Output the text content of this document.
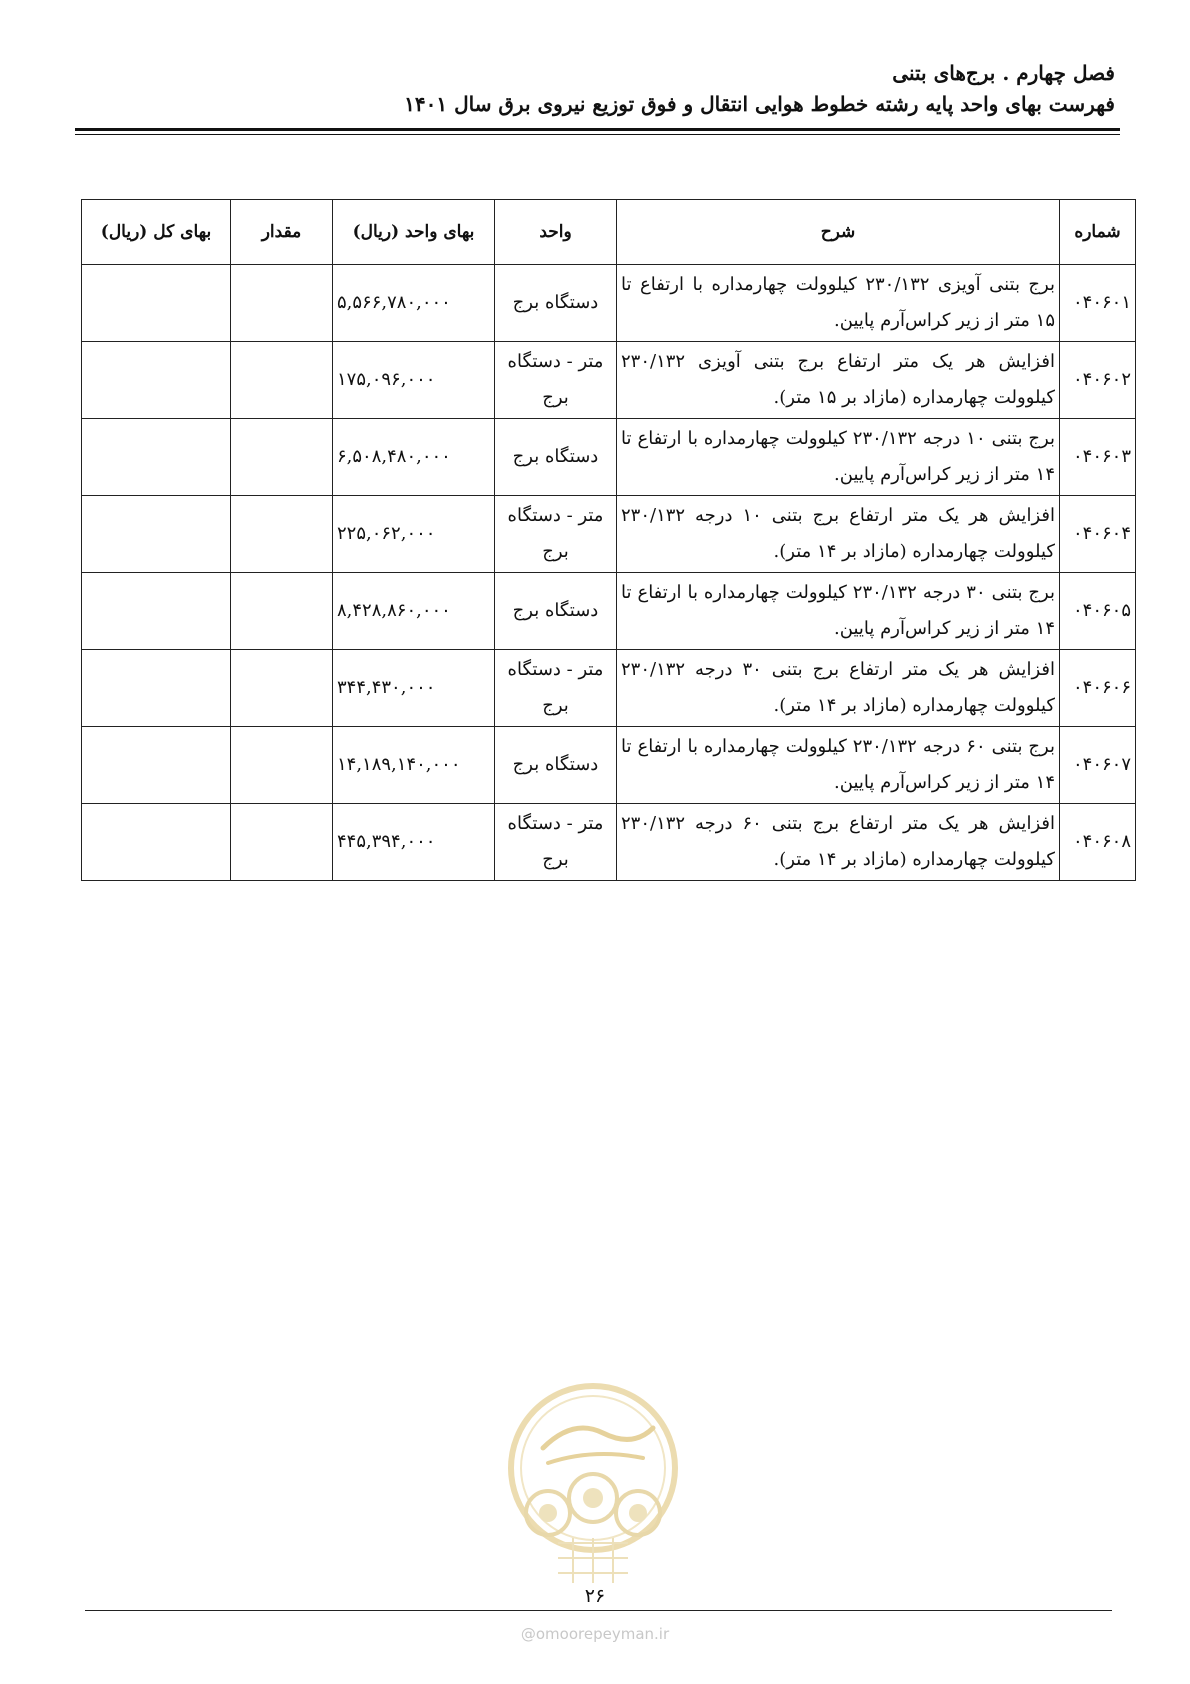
فصل چهارم . برج‌های بتنی
فهرست بهای واحد پایه رشته خطوط هوایی انتقال و فوق توزیع نیروی برق سال ۱۴۰۱
شماره	شرح	واحد	بهای واحد (ریال)	مقدار	بهای کل (ریال)
۰۴۰۶۰۱	برج بتنی آویزی ۲۳۰/۱۳۲ کیلوولت چهارمداره با ارتفاع تا ۱۵ متر از زیر کراس‌آرم پایین.	دستگاه برج	۵,۵۶۶,۷۸۰,۰۰۰		
۰۴۰۶۰۲	افزایش هر یک متر ارتفاع برج بتنی آویزی ۲۳۰/۱۳۲ کیلوولت چهارمداره (مازاد بر ۱۵ متر).	متر - دستگاه برج	۱۷۵,۰۹۶,۰۰۰		
۰۴۰۶۰۳	برج بتنی ۱۰ درجه ۲۳۰/۱۳۲ کیلوولت چهارمداره با ارتفاع تا ۱۴ متر از زیر کراس‌آرم پایین.	دستگاه برج	۶,۵۰۸,۴۸۰,۰۰۰		
۰۴۰۶۰۴	افزایش هر یک متر ارتفاع برج بتنی ۱۰ درجه ۲۳۰/۱۳۲ کیلوولت چهارمداره (مازاد بر ۱۴ متر).	متر - دستگاه برج	۲۲۵,۰۶۲,۰۰۰		
۰۴۰۶۰۵	برج بتنی ۳۰ درجه ۲۳۰/۱۳۲ کیلوولت چهارمداره با ارتفاع تا ۱۴ متر از زیر کراس‌آرم پایین.	دستگاه برج	۸,۴۲۸,۸۶۰,۰۰۰		
۰۴۰۶۰۶	افزایش هر یک متر ارتفاع برج بتنی ۳۰ درجه ۲۳۰/۱۳۲ کیلوولت چهارمداره (مازاد بر ۱۴ متر).	متر - دستگاه برج	۳۴۴,۴۳۰,۰۰۰		
۰۴۰۶۰۷	برج بتنی ۶۰ درجه ۲۳۰/۱۳۲ کیلوولت چهارمداره با ارتفاع تا ۱۴ متر از زیر کراس‌آرم پایین.	دستگاه برج	۱۴,۱۸۹,۱۴۰,۰۰۰		
۰۴۰۶۰۸	افزایش هر یک متر ارتفاع برج بتنی ۶۰ درجه ۲۳۰/۱۳۲ کیلوولت چهارمداره (مازاد بر ۱۴ متر).	متر - دستگاه برج	۴۴۵,۳۹۴,۰۰۰		
۲۶
@omoorepeyman.ir
